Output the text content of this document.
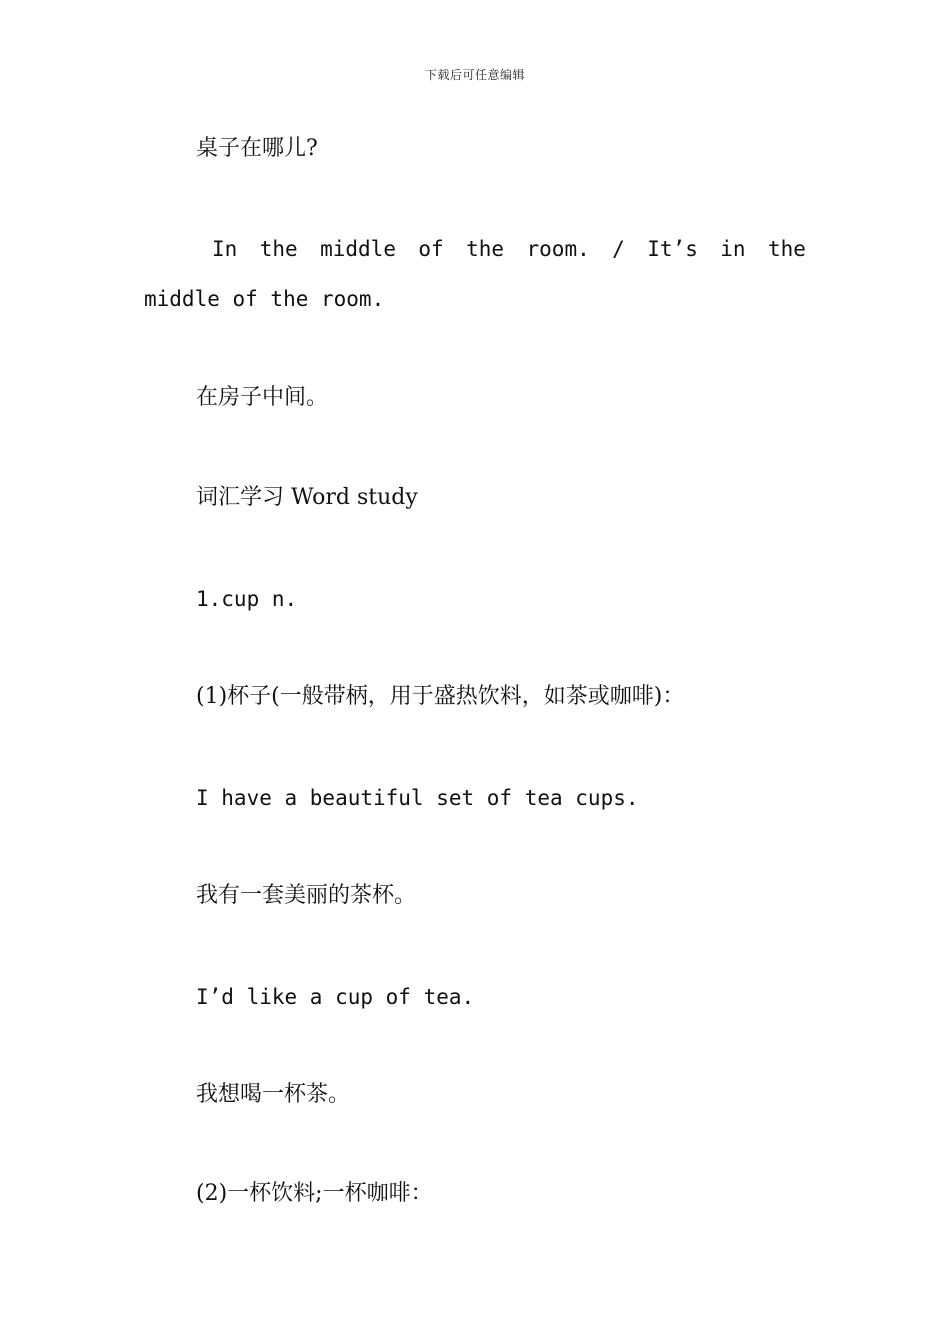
下载后可任意编辑
桌子在哪儿?
In the middle of the room. / It’s in the
middle of the room.
在房子中间。
词汇学习 Word study
1.cup n.
(1)杯子(一般带柄，用于盛热饮料，如茶或咖啡)：
I have a beautiful set of tea cups.
我有一套美丽的茶杯。
I’d like a cup of tea.
我想喝一杯茶。
(2)一杯饮料;一杯咖啡：
